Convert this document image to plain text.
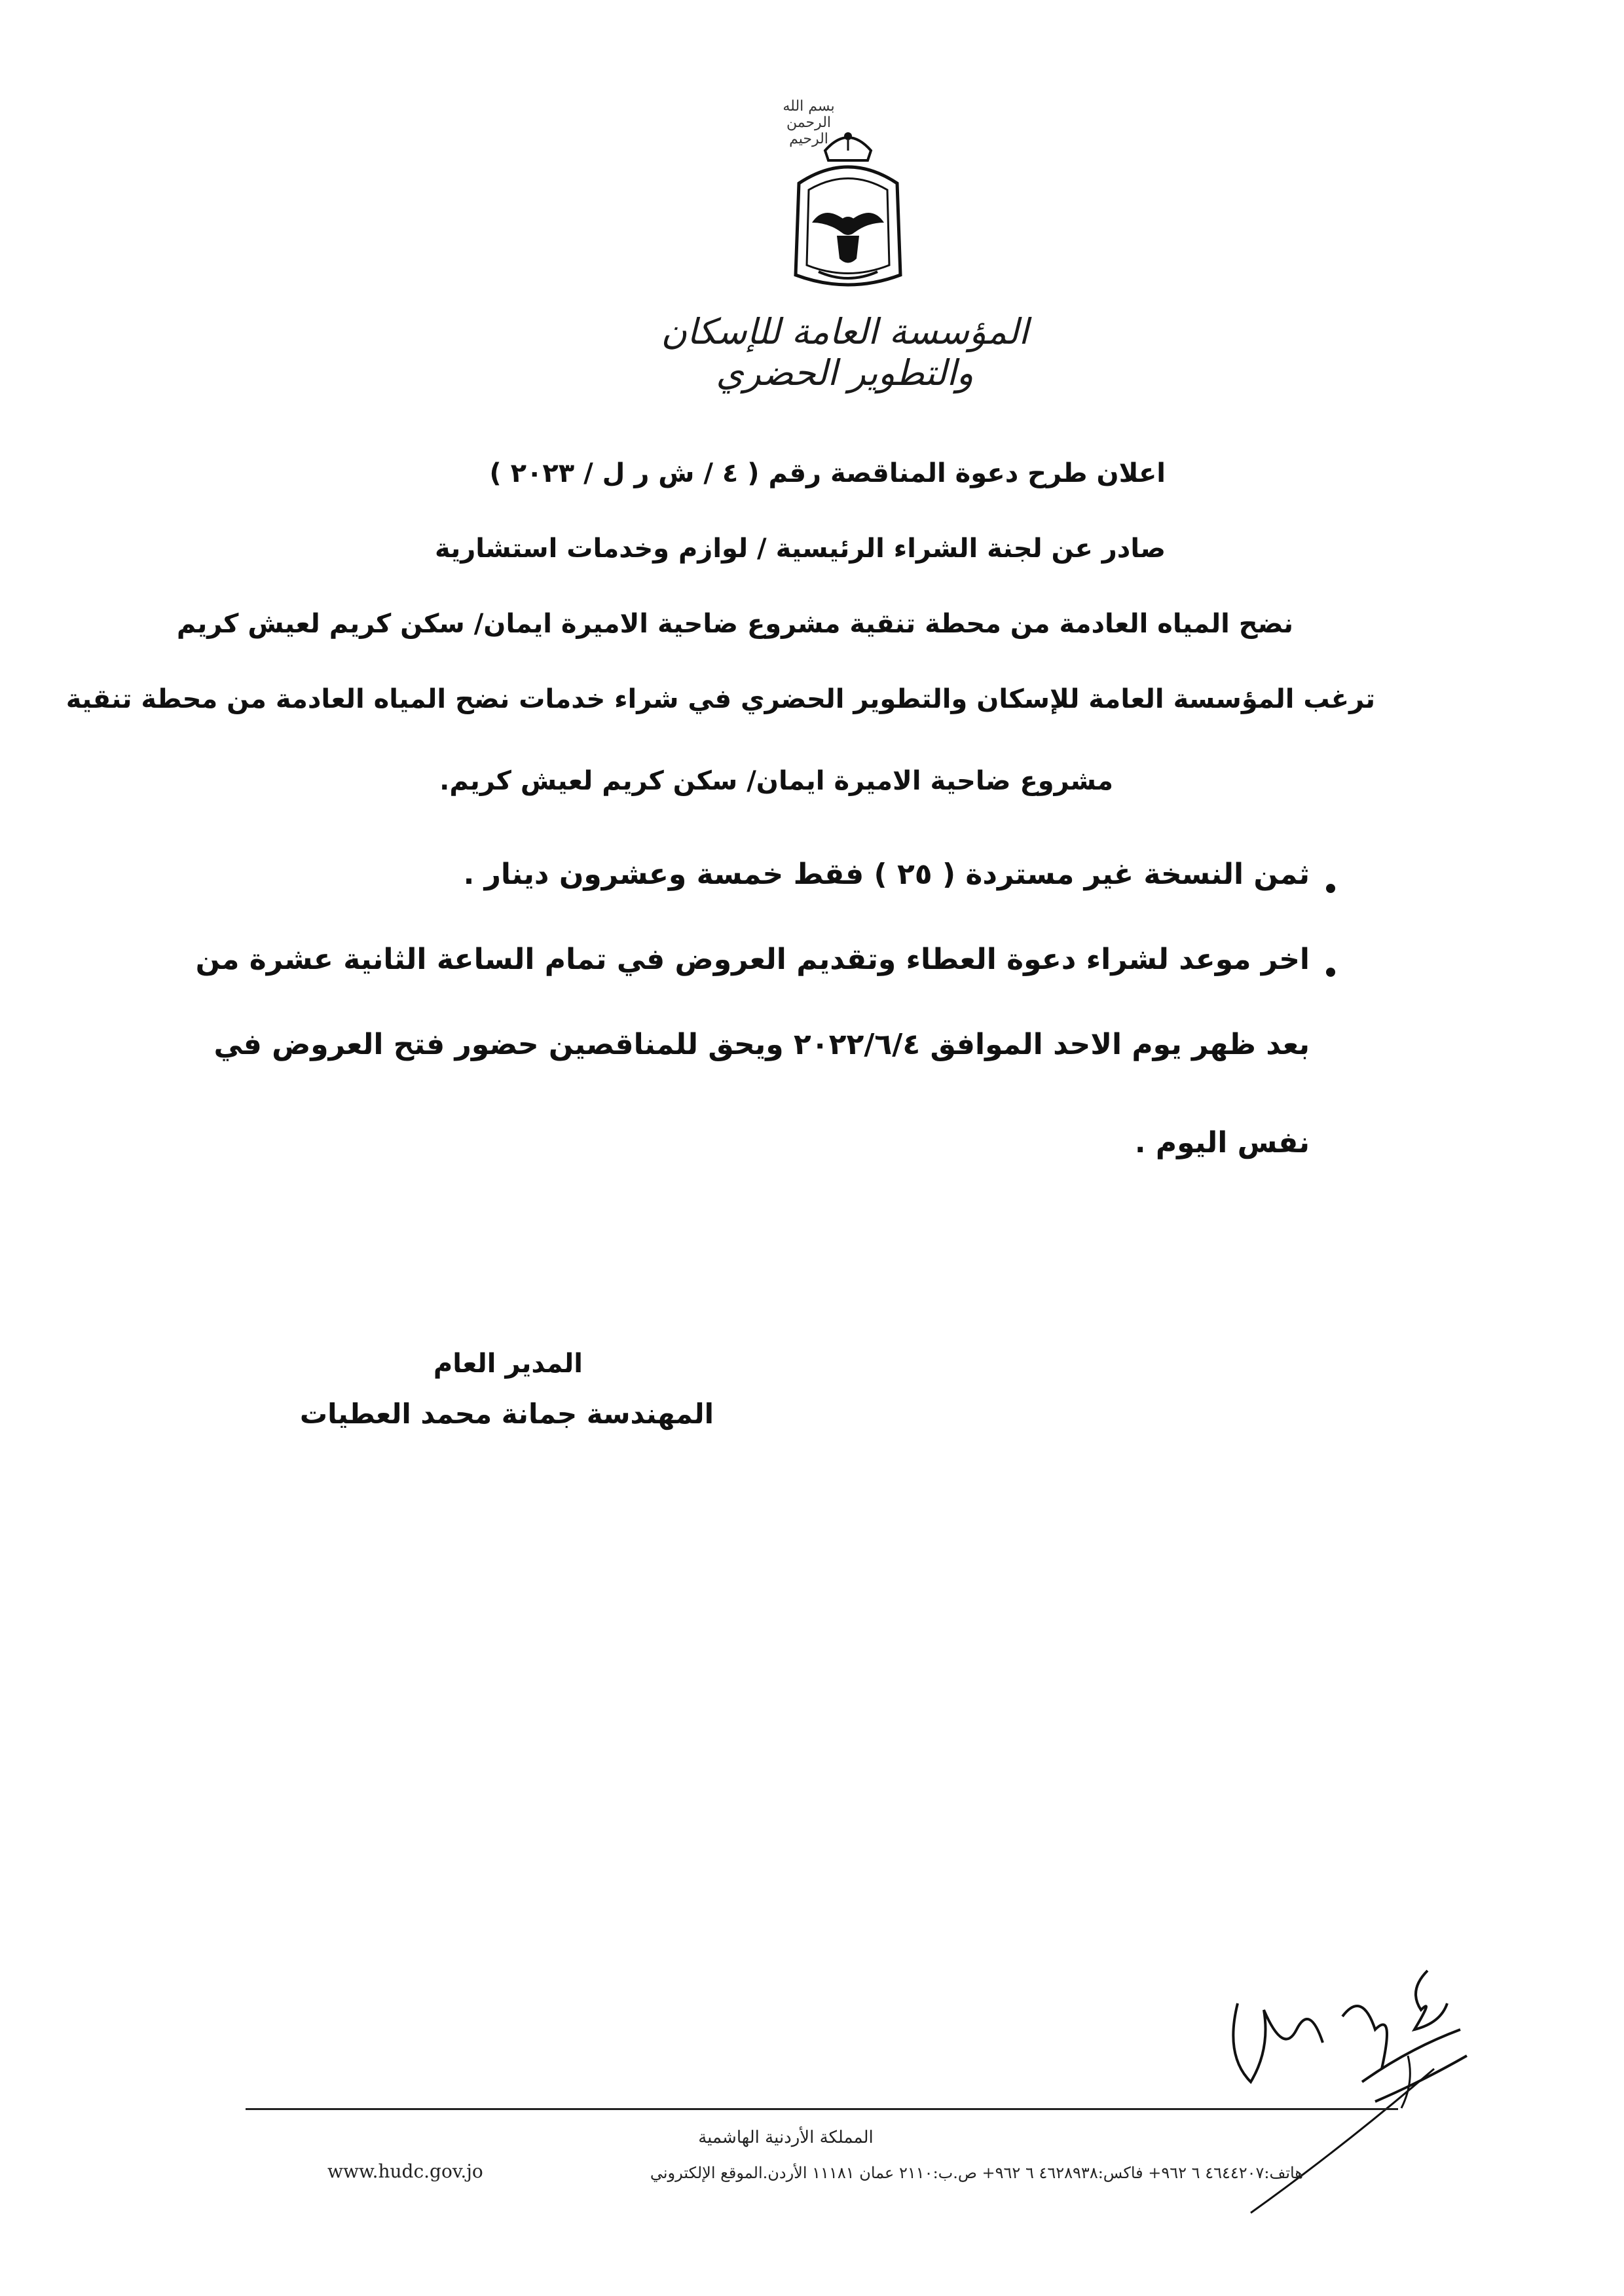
بسم الله الرحمن الرحيم
المؤسسة العامة للإسكان والتطوير الحضري
اعلان طرح دعوة المناقصة رقم ( ٤ / ش ر ل / ٢٠٢٣ )
صادر عن لجنة الشراء الرئيسية / لوازم وخدمات استشارية
نضح المياه العادمة من محطة تنقية مشروع ضاحية الاميرة ايمان/ سكن كريم لعيش كريم
ترغب المؤسسة العامة للإسكان والتطوير الحضري في شراء خدمات نضح المياه العادمة من محطة تنقية
مشروع ضاحية الاميرة ايمان/ سكن كريم لعيش كريم.
ثمن النسخة غير مستردة ( ٢٥ ) فقط خمسة وعشرون دينار .
اخر موعد لشراء دعوة العطاء وتقديم العروض في تمام الساعة الثانية عشرة من
بعد ظهر يوم الاحد الموافق ٢٠٢٢/٦/٤ ويحق للمناقصين حضور فتح العروض في
نفس اليوم .
المدير العام
المهندسة جمانة محمد العطيات
المملكة الأردنية الهاشمية
هاتف:٤٦٤٤٢٠٧ ٦ ٩٦٢+ فاكس:٤٦٢٨٩٣٨ ٦ ٩٦٢+ ص.ب:٢١١٠ عمان ١١١٨١ الأردن.الموقع الإلكتروني
www.hudc.gov.jo
